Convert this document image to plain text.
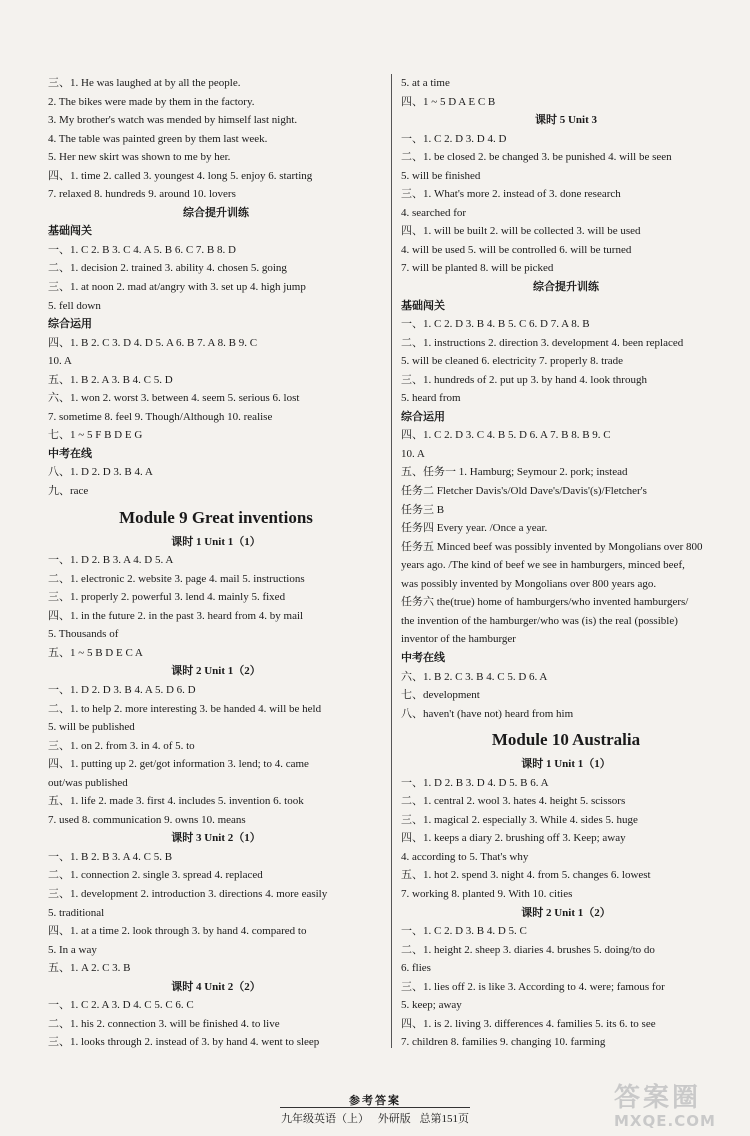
三、1. He was laughed at by all the people.
2. The bikes were made by them in the factory.
3. My brother's watch was mended by himself last night.
4. The table was painted green by them last week.
5. Her new skirt was shown to me by her.
四、1. time 2. called 3. youngest 4. long 5. enjoy 6. starting
7. relaxed 8. hundreds 9. around 10. lovers
综合提升训练
基础闯关
一、1. C 2. B 3. C 4. A 5. B 6. C 7. B 8. D
二、1. decision 2. trained 3. ability 4. chosen 5. going
三、1. at noon 2. mad at/angry with 3. set up 4. high jump
5. fell down
综合运用
四、1. B 2. C 3. D 4. D 5. A 6. B 7. A 8. B 9. C
10. A
五、1. B 2. A 3. B 4. C 5. D
六、1. won 2. worst 3. between 4. seem 5. serious 6. lost
7. sometime 8. feel 9. Though/Although 10. realise
七、1 ~ 5 F B D E G
中考在线
八、1. D 2. D 3. B 4. A
九、race
Module 9 Great inventions
课时 1 Unit 1（1）
一、1. D 2. B 3. A 4. D 5. A
二、1. electronic 2. website 3. page 4. mail 5. instructions
三、1. properly 2. powerful 3. lend 4. mainly 5. fixed
四、1. in the future 2. in the past 3. heard from 4. by mail
5. Thousands of
五、1 ~ 5 B D E C A
课时 2 Unit 1（2）
一、1. D 2. D 3. B 4. A 5. D 6. D
二、1. to help 2. more interesting 3. be handed 4. will be held
5. will be published
三、1. on 2. from 3. in 4. of 5. to
四、1. putting up 2. get/got information 3. lend; to 4. came
out/was published
五、1. life 2. made 3. first 4. includes 5. invention 6. took
7. used 8. communication 9. owns 10. means
课时 3 Unit 2（1）
一、1. B 2. B 3. A 4. C 5. B
二、1. connection 2. single 3. spread 4. replaced
三、1. development 2. introduction 3. directions 4. more easily
5. traditional
四、1. at a time 2. look through 3. by hand 4. compared to
5. In a way
五、1. A 2. C 3. B
课时 4 Unit 2（2）
一、1. C 2. A 3. D 4. C 5. C 6. C
二、1. his 2. connection 3. will be finished 4. to live
三、1. looks through 2. instead of 3. by hand 4. went to sleep
5. at a time
四、1 ~ 5 D A E C B
课时 5 Unit 3
一、1. C 2. D 3. D 4. D
二、1. be closed 2. be changed 3. be punished 4. will be seen
5. will be finished
三、1. What's more 2. instead of 3. done research
4. searched for
四、1. will be built 2. will be collected 3. will be used
4. will be used 5. will be controlled 6. will be turned
7. will be planted 8. will be picked
综合提升训练
基础闯关
一、1. C 2. D 3. B 4. B 5. C 6. D 7. A 8. B
二、1. instructions 2. direction 3. development 4. been replaced
5. will be cleaned 6. electricity 7. properly 8. trade
三、1. hundreds of 2. put up 3. by hand 4. look through
5. heard from
综合运用
四、1. C 2. D 3. C 4. B 5. D 6. A 7. B 8. B 9. C
10. A
五、任务一 1. Hamburg; Seymour 2. pork; instead
任务二 Fletcher Davis's/Old Dave's/Davis'(s)/Fletcher's
任务三 B
任务四 Every year. /Once a year.
任务五 Minced beef was possibly invented by Mongolians over 800
years ago. /The kind of beef we see in hamburgers, minced beef,
was possibly invented by Mongolians over 800 years ago.
任务六 the(true) home of hamburgers/who invented hamburgers/
the invention of the hamburger/who was (is) the real (possible)
inventor of the hamburger
中考在线
六、1. B 2. C 3. B 4. C 5. D 6. A
七、development
八、haven't (have not) heard from him
Module 10 Australia
课时 1 Unit 1（1）
一、1. D 2. B 3. D 4. D 5. B 6. A
二、1. central 2. wool 3. hates 4. height 5. scissors
三、1. magical 2. especially 3. While 4. sides 5. huge
四、1. keeps a diary 2. brushing off 3. Keep; away
4. according to 5. That's why
五、1. hot 2. spend 3. night 4. from 5. changes 6. lowest
7. working 8. planted 9. With 10. cities
课时 2 Unit 1（2）
一、1. C 2. D 3. B 4. D 5. C
二、1. height 2. sheep 3. diaries 4. brushes 5. doing/to do
6. flies
三、1. lies off 2. is like 3. According to 4. were; famous for
5. keep; away
四、1. is 2. living 3. differences 4. families 5. its 6. to see
7. children 8. families 9. changing 10. farming
参考答案
九年级英语（上） 外研版 总第151页
答案圈
MXQE.COM
